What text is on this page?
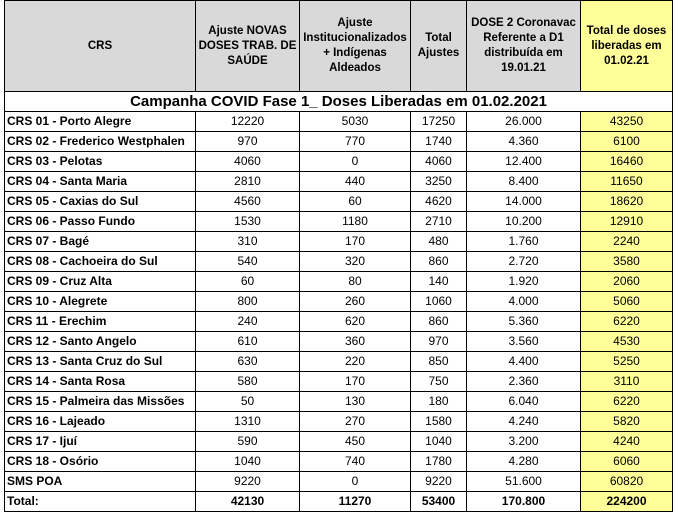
Campanha COVID Fase 1_ Doses Liberadas em 01.02.2021					
CRS	Ajuste NOVAS DOSES TRAB. DE SAÚDE	Ajuste Institucionalizados + Indígenas Aldeados	Total Ajustes	DOSE 2 Coronavac Referente a D1 distribuída em 19.01.21	Total de doses liberadas em 01.02.21
CRS 01 - Porto Alegre	12220	5030	17250	26.000	43250
CRS 02 - Frederico Westphalen	970	770	1740	4.360	6100
CRS 03 - Pelotas	4060	0	4060	12.400	16460
CRS 04 - Santa Maria	2810	440	3250	8.400	11650
CRS 05 - Caxias do Sul	4560	60	4620	14.000	18620
CRS 06 - Passo Fundo	1530	1180	2710	10.200	12910
CRS 07 - Bagé	310	170	480	1.760	2240
CRS 08 - Cachoeira do Sul	540	320	860	2.720	3580
CRS 09 - Cruz Alta	60	80	140	1.920	2060
CRS 10 - Alegrete	800	260	1060	4.000	5060
CRS 11 - Erechim	240	620	860	5.360	6220
CRS 12 - Santo Angelo	610	360	970	3.560	4530
CRS 13 - Santa Cruz do Sul	630	220	850	4.400	5250
CRS 14 - Santa Rosa	580	170	750	2.360	3110
CRS 15 - Palmeira das Missões	50	130	180	6.040	6220
CRS 16 - Lajeado	1310	270	1580	4.240	5820
CRS 17 - Ijuí	590	450	1040	3.200	4240
CRS 18 - Osório	1040	740	1780	4.280	6060
SMS POA	9220	0	9220	51.600	60820
Total:	42130	11270	53400	170.800	224200
